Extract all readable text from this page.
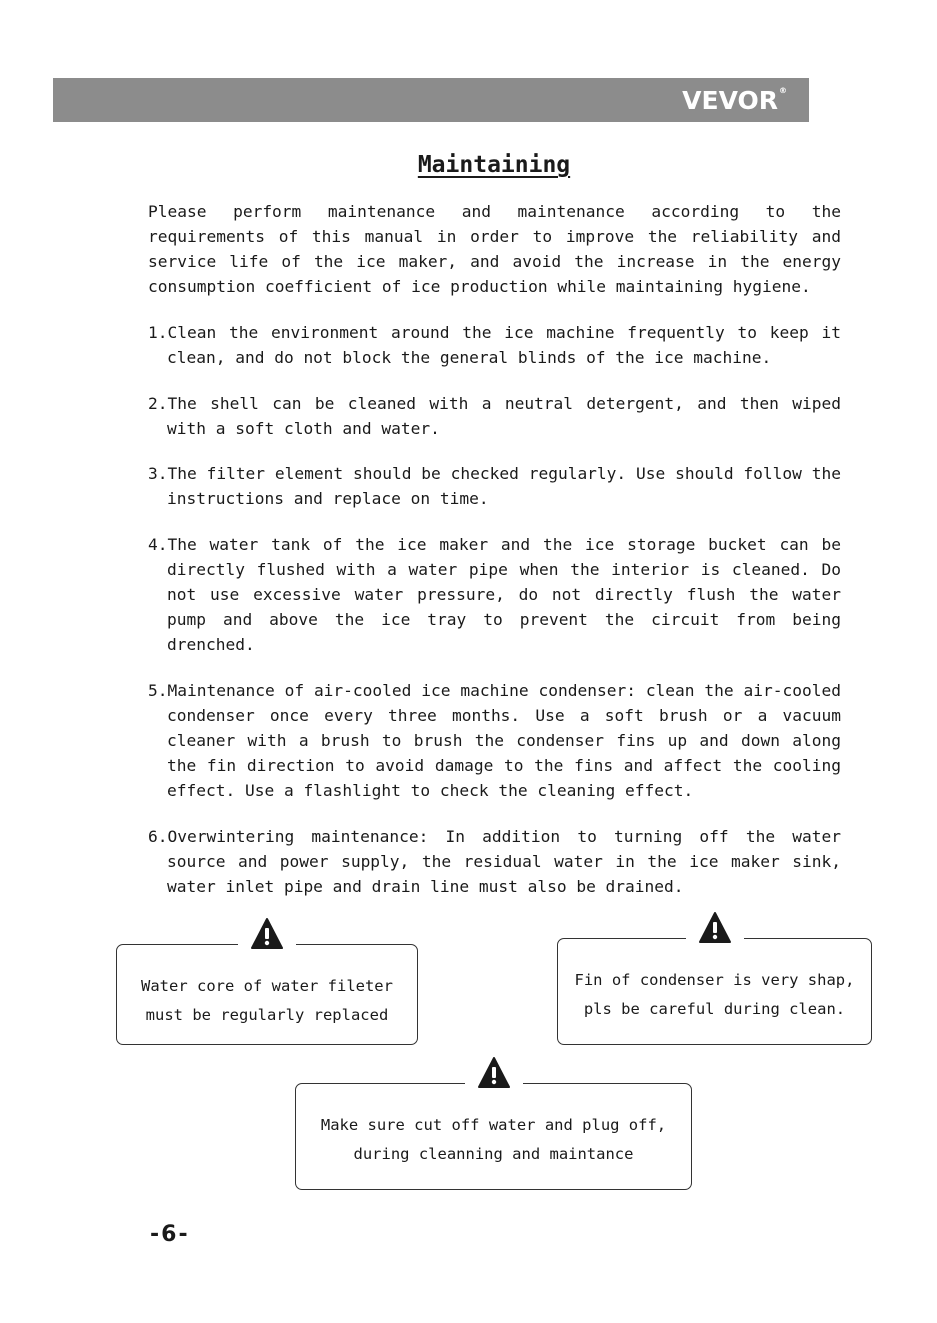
VEVOR®
Maintaining
Please perform maintenance and maintenance according to the requirements of this manual in order to improve the reliability and service life of the ice maker, and avoid the increase in the energy consumption coefficient of ice production while maintaining hygiene.
1.Clean the environment around the ice machine frequently to keep it clean, and do not block the general blinds of the ice machine.
2.The shell can be cleaned with a neutral detergent, and then wiped with a soft cloth and water.
3.The filter element should be checked regularly. Use should follow the instructions and replace on time.
4.The water tank of the ice maker and the ice storage bucket can be directly flushed with a water pipe when the interior is cleaned. Do not use excessive water pressure, do not directly flush the water pump and above the ice tray to prevent the circuit from being drenched.
5.Maintenance of air-cooled ice machine condenser: clean the air-cooled condenser once every three months. Use a soft brush or a vacuum cleaner with a brush to brush the condenser fins up and down along the fin direction to avoid damage to the fins and affect the cooling effect. Use a flashlight to check the cleaning effect.
6.Overwintering maintenance: In addition to turning off the water source and power supply, the residual water in the ice maker sink, water inlet pipe and drain line must also be drained.
Water core of water fileter
must be regularly replaced
Fin of condenser is very shap,
pls be careful during clean.
Make sure cut off water and plug off,
during cleanning and maintance
-6-
